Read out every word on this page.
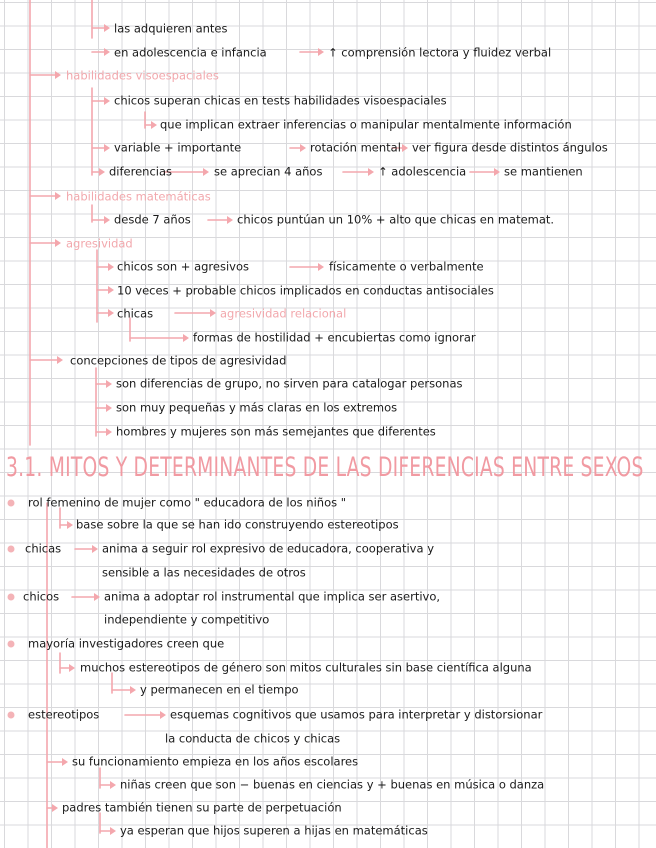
las adquieren antes
en adolescencia e infancia	↑ comprensión lectora y fluidez verbal
habilidades visoespaciales
chicos superan chicas en tests habilidades visoespaciales
que implican extraer inferencias o manipular mentalmente información
variable + importante	rotación mental ver figura desde distintos ángulos
diferencias	se aprecian 4 años	↑ adolescencia	se mantienen
habilidades matemáticas
desde 7 años	chicos puntúan un 10% + alto que chicas en matemat.
agresividad
chicos son + agresivos	físicamente o verbalmente
10 veces + probable chicos implicados en conductas antisociales
chicas	agresividad relacional
formas de hostilidad + encubiertas como ignorar
concepciones de tipos de agresividad
son diferencias de grupo, no sirven para catalogar personas
son muy pequeñas y más claras en los extremos
hombres y mujeres son más semejantes que diferentes
3.1. MITOS Y DETERMINANTES DE LAS DIFERENCIAS ENTRE SEXOS
rol femenino de mujer como " educadora de los niños "
base sobre la que se han ido construyendo estereotipos
chicas	anima a seguir rol expresivo de educadora, cooperativa y
sensible a las necesidades de otros
chicos	anima a adoptar rol instrumental que implica ser asertivo,
independiente y competitivo
mayoría investigadores creen que
muchos estereotipos de género son mitos culturales sin base científica alguna
y permanecen en el tiempo
estereotipos	esquemas cognitivos que usamos para interpretar y distorsionar
la conducta de chicos y chicas
su funcionamiento empieza en los años escolares
niñas creen que son − buenas en ciencias y + buenas en música o danza
padres también tienen su parte de perpetuación
ya esperan que hijos superen a hijas en matemáticas
